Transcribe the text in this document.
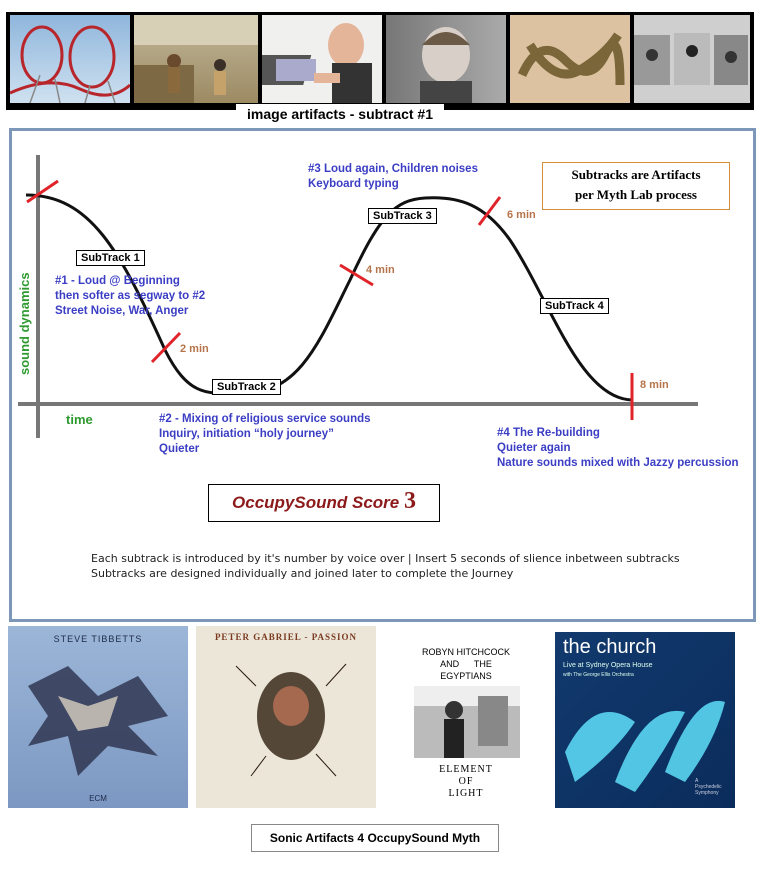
image artifacts - subtract #1
sound dynamics
time
SubTrack 1
SubTrack 2
SubTrack 3
SubTrack 4
2 min
4 min
6 min
8 min
#1 - Loud @ Beginning
then softer as segway to #2
Street Noise, War, Anger
#2 - Mixing of religious service sounds
Inquiry, initiation “holy journey”
Quieter
#3 Loud again, Children noises
Keyboard typing
#4 The Re-building
Quieter again
Nature sounds mixed with Jazzy percussion
Subtracks are Artifacts
per Myth Lab process
OccupySound Score 3
Each subtrack is introduced by it's number by voice over | Insert 5 seconds of slience inbetween subtracks
Subtracks are designed individually and joined later to complete the Journey
STEVE TIBBETTS
ECM
PETER GABRIEL - PASSION
ROBYN HITCHCOCK
AND      THE
EGYPTIANS
ELEMENT
OF
LIGHT
the church
Live at Sydney Opera House
with The George Ellis Orchestra
A
Psychedelic
Symphony
Sonic Artifacts 4 OccupySound Myth
